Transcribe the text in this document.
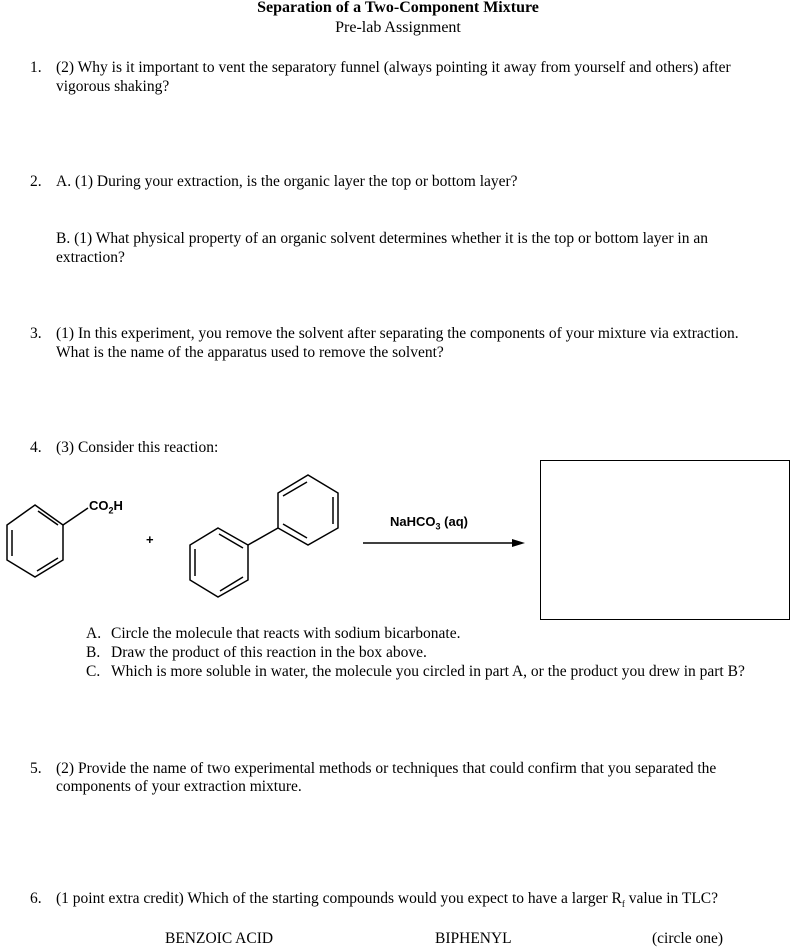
Separation of a Two-Component Mixture
Pre-lab Assignment
1. (2) Why is it important to vent the separatory funnel (always pointing it away from yourself and others) after
vigorous shaking?
2. A. (1) During your extraction, is the organic layer the top or bottom layer?
B. (1) What physical property of an organic solvent determines whether it is the top or bottom layer in an
extraction?
3. (1) In this experiment, you remove the solvent after separating the components of your mixture via extraction.
What is the name of the apparatus used to remove the solvent?
4. (3) Consider this reaction:
$CO_2H$
+
NaHCO$_3$ (aq)
A. Circle the molecule that reacts with sodium bicarbonate.
B. Draw the product of this reaction in the box above.
C. Which is more soluble in water, the molecule you circled in part A, or the product you drew in part B?
5. (2) Provide the name of two experimental methods or techniques that could confirm that you separated the
components of your extraction mixture.
6. (1 point extra credit) Which of the starting compounds would you expect to have a larger $R_f$ value in TLC?
BENZOIC ACID	BIPHENYL	(circle one)
